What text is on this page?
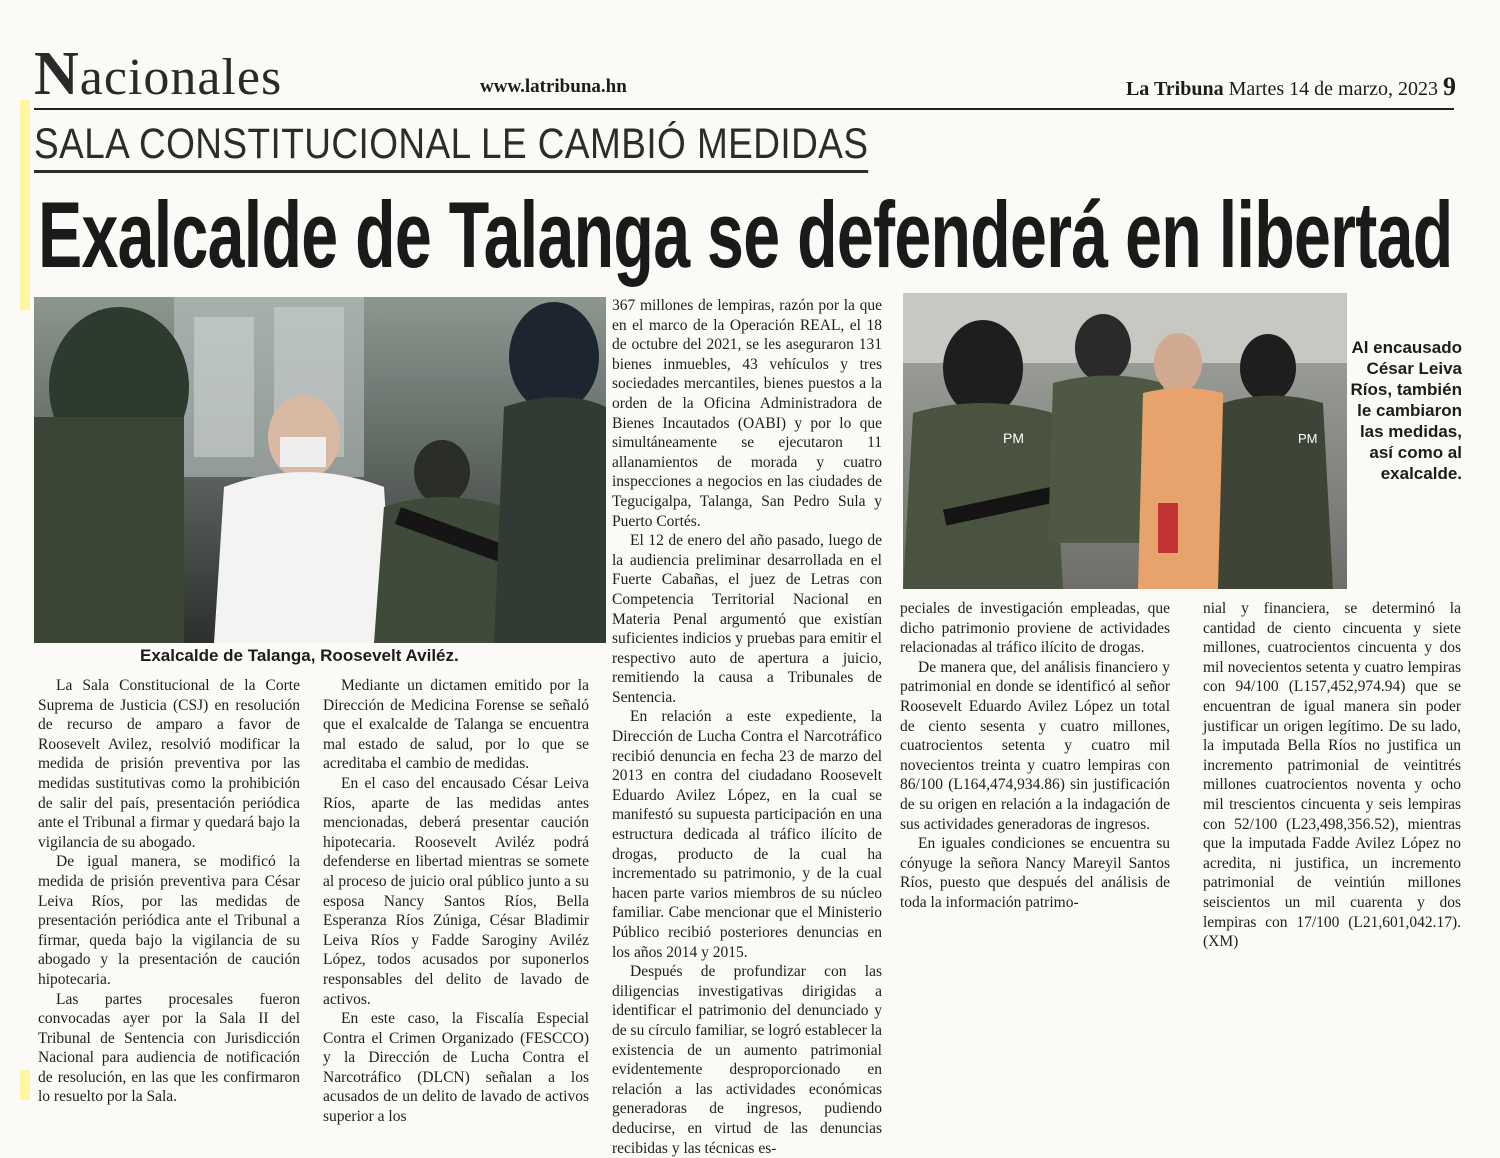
Nacionales	www.latribuna.hn	La Tribuna Martes 14 de marzo, 2023 9
SALA CONSTITUCIONAL LE CAMBIÓ MEDIDAS
Exalcalde de Talanga se defenderá en libertad
Exalcalde de Talanga, Roosevelt Aviléz.
PM	PM
Al encausado César Leiva Ríos, también le cambiaron las medidas, así como al exalcalde.

La Sala Constitucional de la Corte Suprema de Justicia (CSJ) en resolución de recurso de amparo a favor de Roosevelt Avilez, resolvió modificar la medida de prisión preventiva por las medidas sustitutivas como la prohibición de salir del país, presentación periódica ante el Tribunal a firmar y quedará bajo la vigilancia de su abogado.

De igual manera, se modificó la medida de prisión preventiva para César Leiva Ríos, por las medidas de presentación periódica ante el Tribunal a firmar, queda bajo la vigilancia de su abogado y la presentación de caución hipotecaria.

Las partes procesales fueron convocadas ayer por la Sala II del Tribunal de Sentencia con Jurisdicción Nacional para audiencia de notificación de resolución, en las que les confirmaron lo resuelto por la Sala.

Mediante un dictamen emitido por la Dirección de Medicina Forense se señaló que el exalcalde de Talanga se encuentra mal estado de salud, por lo que se acreditaba el cambio de medidas.

En el caso del encausado César Leiva Ríos, aparte de las medidas antes mencionadas, deberá presentar caución hipotecaria. Roosevelt Aviléz podrá defenderse en libertad mientras se somete al proceso de juicio oral público junto a su esposa Nancy Santos Ríos, Bella Esperanza Ríos Zúniga, César Bladimir Leiva Ríos y Fadde Saroginy Aviléz López, todos acusados por suponerlos responsables del delito de lavado de activos.

En este caso, la Fiscalía Especial Contra el Crimen Organizado (FESCCO) y la Dirección de Lucha Contra el Narcotráfico (DLCN) señalan a los acusados de un delito de lavado de activos superior a los

367 millones de lempiras, razón por la que en el marco de la Operación REAL, el 18 de octubre del 2021, se les aseguraron 131 bienes inmuebles, 43 vehículos y tres sociedades mercantiles, bienes puestos a la orden de la Oficina Administradora de Bienes Incautados (OABI) y por lo que simultáneamente se ejecutaron 11 allanamientos de morada y cuatro inspecciones a negocios en las ciudades de Tegucigalpa, Talanga, San Pedro Sula y Puerto Cortés.

El 12 de enero del año pasado, luego de la audiencia preliminar desarrollada en el Fuerte Cabañas, el juez de Letras con Competencia Territorial Nacional en Materia Penal argumentó que existían suficientes indicios y pruebas para emitir el respectivo auto de apertura a juicio, remitiendo la causa a Tribunales de Sentencia.

En relación a este expediente, la Dirección de Lucha Contra el Narcotráfico recibió denuncia en fecha 23 de marzo del 2013 en contra del ciudadano Roosevelt Eduardo Avilez López, en la cual se manifestó su supuesta participación en una estructura dedicada al tráfico ilícito de drogas, producto de la cual ha incrementado su patrimonio, y de la cual hacen parte varios miembros de su núcleo familiar. Cabe mencionar que el Ministerio Público recibió posteriores denuncias en los años 2014 y 2015.

Después de profundizar con las diligencias investigativas dirigidas a identificar el patrimonio del denunciado y de su círculo familiar, se logró establecer la existencia de un aumento patrimonial evidentemente desproporcionado en relación a las actividades económicas generadoras de ingresos, pudiendo deducirse, en virtud de las denuncias recibidas y las técnicas es-

peciales de investigación empleadas, que dicho patrimonio proviene de actividades relacionadas al tráfico ilícito de drogas.

De manera que, del análisis financiero y patrimonial en donde se identificó al señor Roosevelt Eduardo Avilez López un total de ciento sesenta y cuatro millones, cuatrocientos setenta y cuatro mil novecientos treinta y cuatro lempiras con 86/100 (L164,474,934.86) sin justificación de su origen en relación a la indagación de sus actividades generadoras de ingresos.

En iguales condiciones se encuentra su cónyuge la señora Nancy Mareyil Santos Ríos, puesto que después del análisis de toda la información patrimo-

nial y financiera, se determinó la cantidad de ciento cincuenta y siete millones, cuatrocientos cincuenta y dos mil novecientos setenta y cuatro lempiras con 94/100 (L157,452,974.94) que se encuentran de igual manera sin poder justificar un origen legítimo. De su lado, la imputada Bella Ríos no justifica un incremento patrimonial de veintitrés millones cuatrocientos noventa y ocho mil trescientos cincuenta y seis lempiras con 52/100 (L23,498,356.52), mientras que la imputada Fadde Avilez López no acredita, ni justifica, un incremento patrimonial de veintiún millones seiscientos un mil cuarenta y dos lempiras con 17/100 (L21,601,042.17). (XM)
